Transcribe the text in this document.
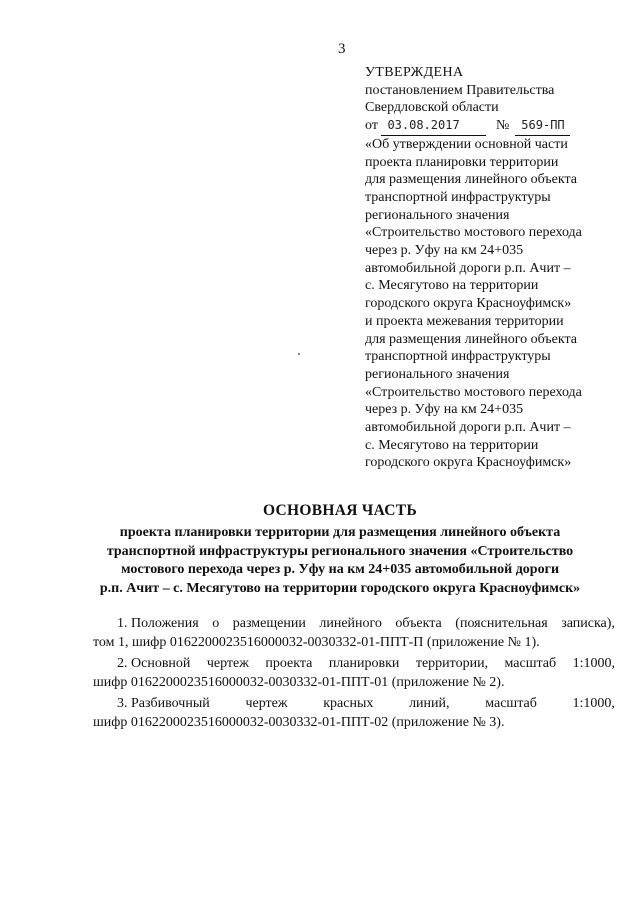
3
УТВЕРЖДЕНА
постановлением Правительства
Свердловской области
от 03.08.2017	№ 569-ПП
«Об утверждении основной части
проекта планировки территории
для размещения линейного объекта
транспортной инфраструктуры
регионального значения
«Строительство мостового перехода
через р. Уфу на км 24+035
автомобильной дороги р.п. Ачит –
с. Месягутово на территории
городского округа Красноуфимск»
и проекта межевания территории
для размещения линейного объекта
транспортной инфраструктуры
регионального значения
«Строительство мостового перехода
через р. Уфу на км 24+035
автомобильной дороги р.п. Ачит –
с. Месягутово на территории
городского округа Красноуфимск»
ОСНОВНАЯ ЧАСТЬ
проекта планировки территории для размещения линейного объекта
транспортной инфраструктуры регионального значения «Строительство
мостового перехода через р. Уфу на км 24+035 автомобильной дороги
р.п. Ачит – с. Месягутово на территории городского округа Красноуфимск»
1. Положения о размещении линейного объекта (пояснительная записка),
том 1, шифр 0162200023516000032-0030332-01-ППТ-П (приложение № 1).
2. Основной чертеж проекта планировки территории, масштаб 1:1000,
шифр 0162200023516000032-0030332-01-ППТ-01 (приложение № 2).
3. Разбивочный	чертеж	красных	линий,	масштаб	1:1000,
шифр 0162200023516000032-0030332-01-ППТ-02 (приложение № 3).
